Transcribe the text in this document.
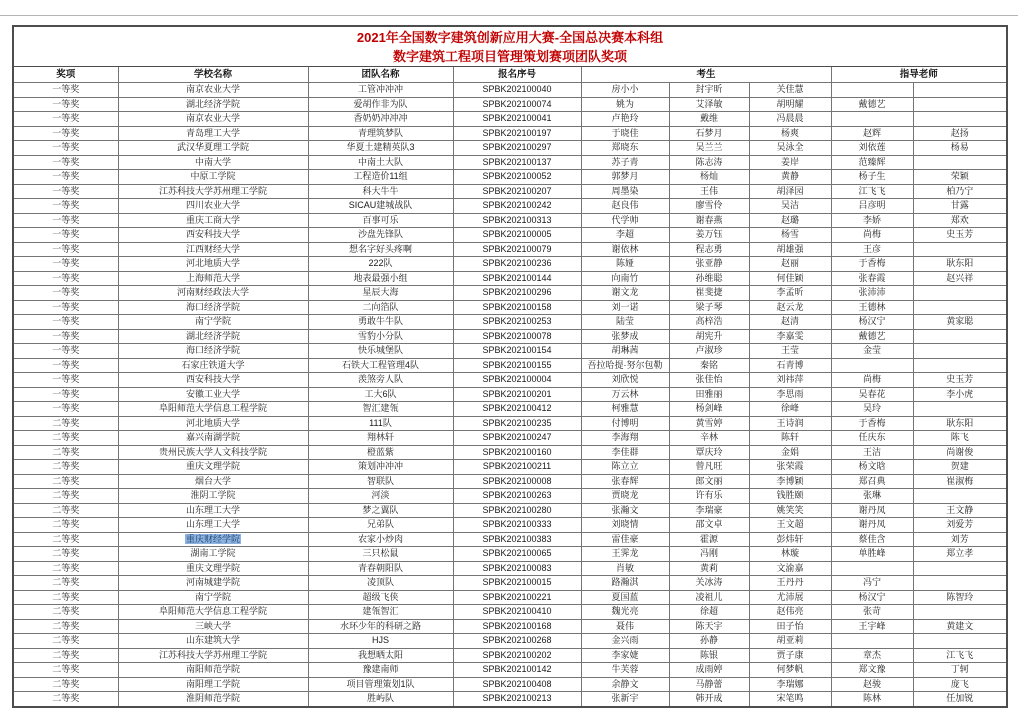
2021年全国数字建筑创新应用大赛-全国总决赛本科组
数字建筑工程项目管理策划赛项团队奖项								

奖项	学校名称	团队名称	报名序号	考生			指导老师	
一等奖	南京农业大学	工管冲冲冲	SPBK202100040	房小小	封宇昕	关佳慧		
一等奖	湖北经济学院	爱胡作非为队	SPBK202100074	姚为	艾泽敏	胡明耀	戴德艺	
一等奖	南京农业大学	香奶奶冲冲冲	SPBK202100041	卢艳玲	戴维	冯晨晨		
一等奖	青岛理工大学	青理筑梦队	SPBK202100197	于晓佳	石梦月	杨爽	赵辉	赵扬
一等奖	武汉华夏理工学院	华夏土建精英队3	SPBK202100297	郑晓东	吴兰兰	吴泳全	刘依莲	杨易
一等奖	中南大学	中南土大队	SPBK202100137	苏子青	陈志涛	姜岸	范臻辉	
一等奖	中原工学院	工程造价11组	SPBK202100052	郭梦月	杨灿	黄静	杨子生	荣颖
一等奖	江苏科技大学苏州理工学院	科大牛牛	SPBK202100207	周墨染	王伟	胡泽园	江飞飞	柏乃宁
一等奖	四川农业大学	SICAU建城战队	SPBK202100242	赵良伟	廖雪伶	吴洁	吕彦明	甘露
一等奖	重庆工商大学	百事可乐	SPBK202100313	代学帅	谢春燕	赵璐	李娇	郑欢
一等奖	西安科技大学	沙盘先锋队	SPBK202100005	李超	姜万钰	杨雪	尚梅	史玉芳
一等奖	江西财经大学	想名字好头疼啊	SPBK202100079	谢依林	程志勇	胡雄强	王彦	
一等奖	河北地质大学	222队	SPBK202100236	陈娅	张亚静	赵丽	于香梅	耿东阳
一等奖	上海师范大学	地表最强小组	SPBK202100144	向南竹	孙维聪	何佳颖	张春霞	赵兴祥
一等奖	河南财经政法大学	星辰大海	SPBK202100296	谢文龙	崔斐捷	李孟昕	张沛沛	
一等奖	海口经济学院	二向箔队	SPBK202100158	刘一诺	梁子琴	赵云龙	王德林	
一等奖	南宁学院	勇敢牛牛队	SPBK202100253	陆莹	高梓浩	赵清	杨汉宁	黄家聪
一等奖	湖北经济学院	雪豹小分队	SPBK202100078	张梦成	胡宪升	李嘉雯	戴德艺	
一等奖	海口经济学院	快乐城堡队	SPBK202100154	胡琳茜	卢淑珍	王莹	金莹	
一等奖	石家庄铁道大学	石铁大工程管理4队	SPBK202100155	吾拉哈提·努尔包勒	秦铭	石青博		
一等奖	西安科技大学	羡煞旁人队	SPBK202100004	刘欣悦	张佳怡	刘祎萍	尚梅	史玉芳
一等奖	安徽工业大学	工大6队	SPBK202100201	万云林	田雅丽	李思雨	吴春花	李小虎
一等奖	阜阳师范大学信息工程学院	智汇建瓴	SPBK202100412	柯雅慧	杨剑峰	徐峰	吴玲	
二等奖	河北地质大学	111队	SPBK202100235	付博明	黄雪婷	王诗润	于香梅	耿东阳
二等奖	嘉兴南湖学院	翔林轩	SPBK202100247	李海翔	辛林	陈轩	任庆东	陈飞
二等奖	贵州民族大学人文科技学院	橙蓝紫	SPBK202100160	李佳群	覃庆玲	金娟	王洁	尚谢俊
二等奖	重庆文理学院	策划冲冲冲	SPBK202100211	陈立立	曾凡旺	张荣霞	杨文晗	贺建
二等奖	烟台大学	智联队	SPBK202100008	张春辉	郎文丽	李博颖	郑召典	崔淑梅
二等奖	淮阴工学院	河淡	SPBK202100263	贾晓龙	许有乐	钱胜颐	张琳	
二等奖	山东理工大学	梦之翼队	SPBK202100280	张瀚文	李瑞豪	姚笑笑	谢丹凤	王文静
二等奖	山东理工大学	兄弟队	SPBK202100333	刘晓情	邵文卓	王文超	谢丹凤	刘爱芳
二等奖	重庆财经学院	农家小炒肉	SPBK202100383	雷佳豪	霍源	彭炜轩	蔡佳含	刘芳
二等奖	湖南工学院	三只松鼠	SPBK202100065	王霁龙	冯刚	林璇	单胜峰	郑立孝
二等奖	重庆文理学院	青春朝阳队	SPBK202100083	肖敏	黄莉	文渝嘉		
二等奖	河南城建学院	凌顶队	SPBK202100015	路瀚淇	关冰涛	王丹丹	冯宁	
二等奖	南宁学院	超级飞侠	SPBK202100221	夏国蓝	凌祖儿	尤沛展	杨汉宁	陈智玲
二等奖	阜阳师范大学信息工程学院	建瓴智汇	SPBK202100410	魏光亮	徐超	赵伟亮	张苛	
二等奖	三峡大学	水环少年的科研之路	SPBK202100168	聂伟	陈天宇	田子怡	王宇峰	黄建文
二等奖	山东建筑大学	HJS	SPBK202100268	金兴雨	孙静	胡亚莉		
二等奖	江苏科技大学苏州理工学院	我想晒太阳	SPBK202100202	李家婕	陈银	贾子康	章杰	江飞飞
二等奖	南阳师范学院	豫建南师	SPBK202100142	牛芙蓉	成雨婷	何梦帆	郑文豫	丁轲
二等奖	南阳理工学院	项目管理策划1队	SPBK202100408	余静文	马静蕾	李瑞娜	赵骏	庞飞
二等奖	淮阴师范学院	胜屿队	SPBK202100213	张新宇	韩开成	宋笔鸣	陈林	任加锐
